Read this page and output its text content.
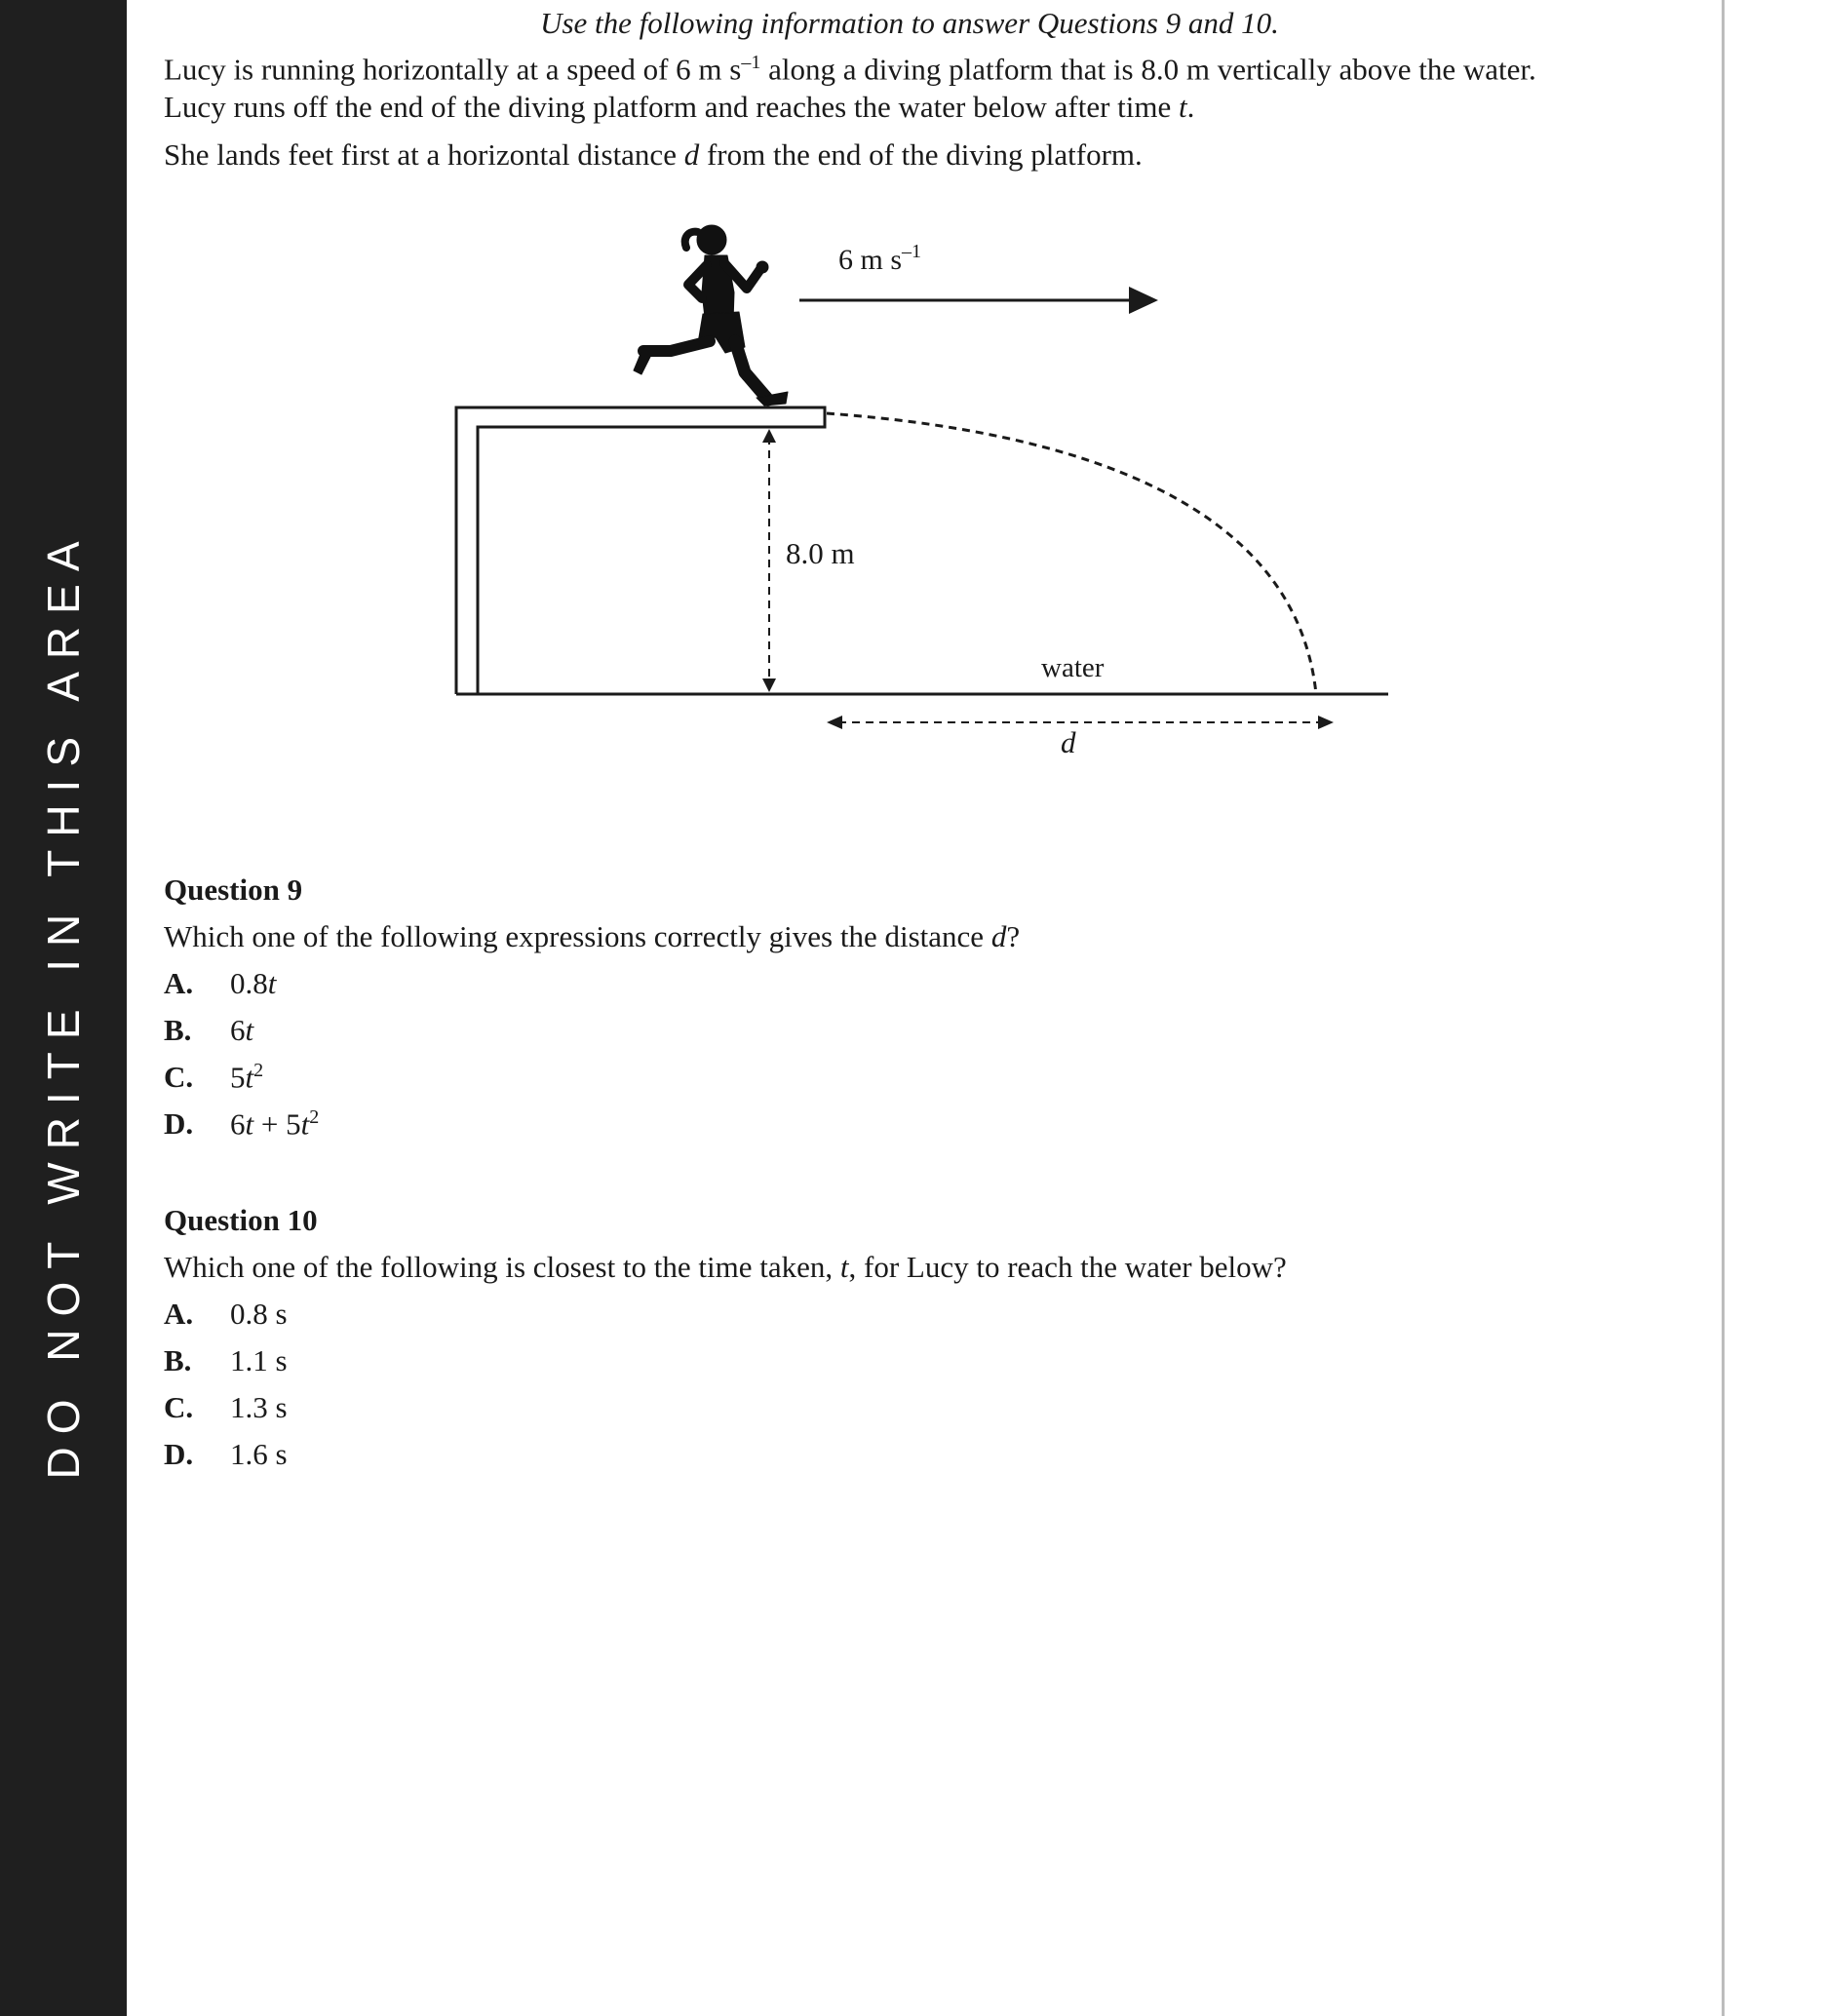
DO NOT WRITE IN THIS AREA
Use the following information to answer Questions 9 and 10.
Lucy is running horizontally at a speed of 6 m $s^{-1}$ along a diving platform that is 8.0 m vertically above the water.
Lucy runs off the end of the diving platform and reaches the water below after time t.
She lands feet first at a horizontal distance d from the end of the diving platform.
8.0 m
d
water
6 m $s^{-1}$
Question 9
Which one of the following expressions correctly gives the distance d?
A. 0.8t
B. 6t
C. $5t^2$
D. $6t + 5t^2$
Question 10
Which one of the following is closest to the time taken, t, for Lucy to reach the water below?
A. 0.8 s
B. 1.1 s
C. 1.3 s
D. 1.6 s
